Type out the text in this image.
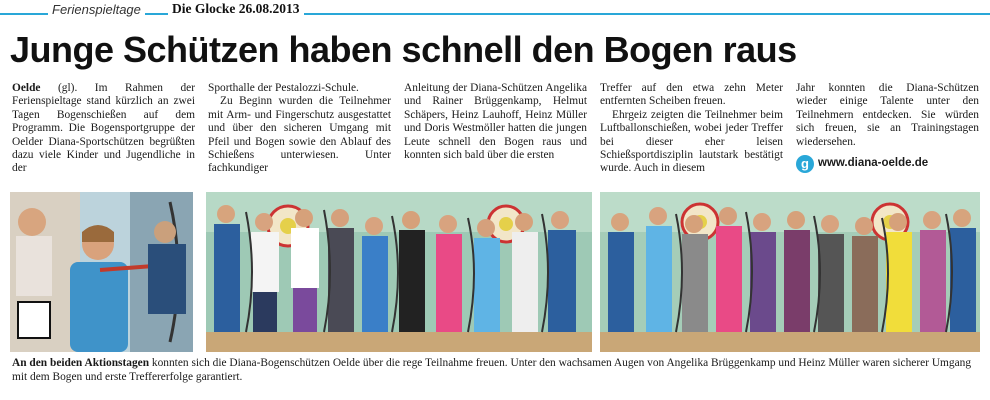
Ferienspieltage Die Glocke 26.08.2013
Junge Schützen haben schnell den Bogen raus

Oelde (gl). Im Rahmen der Ferienspieltage stand kürzlich an zwei Tagen Bogenschießen auf dem Programm. Die Bogensportgruppe der Oelder Diana-Sportschützen begrüßten dazu viele Kinder und Jugendliche in der

Sporthalle der Pestalozzi-Schule.

Zu Beginn wurden die Teilnehmer mit Arm- und Fingerschutz ausgestattet und über den sicheren Umgang mit Pfeil und Bogen sowie den Ablauf des Schießens unterwiesen. Unter fachkundiger

Anleitung der Diana-Schützen Angelika und Rainer Brüggenkamp, Helmut Schäpers, Heinz Lauhoff, Heinz Müller und Doris Westmöller hatten die jungen Leute schnell den Bogen raus und konnten sich bald über die ersten

Treffer auf den etwa zehn Meter entfernten Scheiben freuen.

Ehrgeiz zeigten die Teilnehmer beim Luftballonschießen, wobei jeder Treffer bei dieser eher leisen Schießsportdisziplin lautstark bestätigt wurde. Auch in diesem

Jahr konnten die Diana-Schützen wieder einige Talente unter den Teilnehmern entdecken. Sie würden sich freuen, sie an Trainingstagen wiedersehen.

g www.diana-oelde.de
An den beiden Aktionstagen konnten sich die Diana-Bogenschützen Oelde über die rege Teilnahme freuen. Unter den wachsamen Augen von Angelika Brüggenkamp und Heinz Müller waren sicherer Umgang mit dem Bogen und erste Treffererfolge garantiert.
